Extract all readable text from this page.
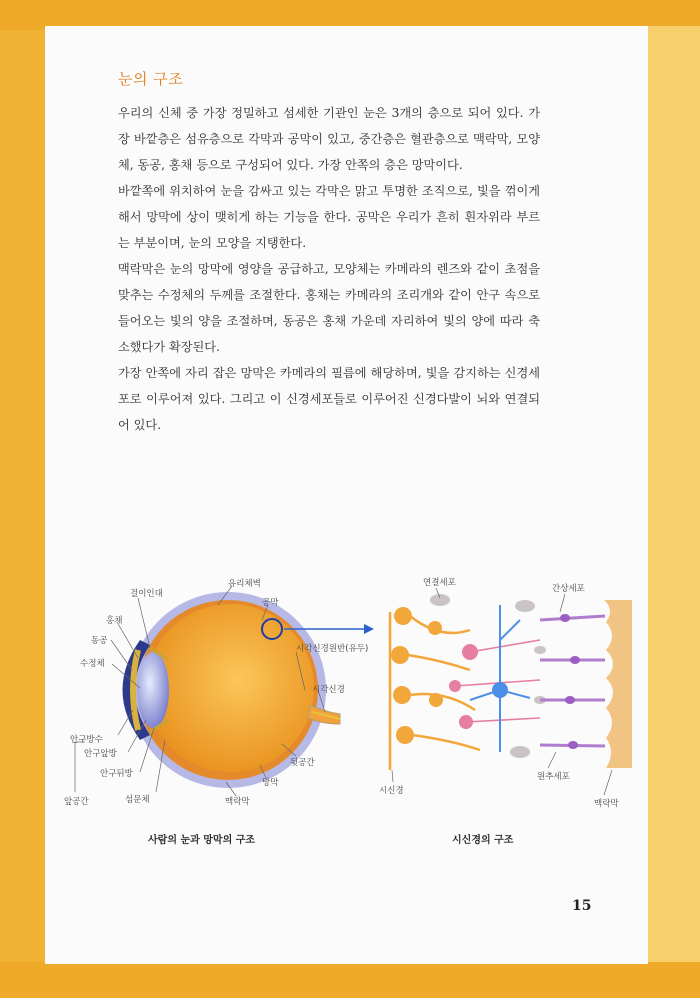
눈의 구조

우리의 신체 중 가장 정밀하고 섬세한 기관인 눈은 3개의 층으로 되어 있다. 가장 바깥층은 섬유층으로 각막과 공막이 있고, 중간층은 혈관층으로 맥락막, 모양체, 동공, 홍채 등으로 구성되어 있다. 가장 안쪽의 층은 망막이다.

바깥쪽에 위치하여 눈을 감싸고 있는 각막은 맑고 투명한 조직으로, 빛을 꺾이게 해서 망막에 상이 맺히게 하는 기능을 한다. 공막은 우리가 흔히 흰자위라 부르는 부분이며, 눈의 모양을 지탱한다.

맥락막은 눈의 망막에 영양을 공급하고, 모양체는 카메라의 렌즈와 같이 초점을 맞추는 수정체의 두께를 조절한다. 홍채는 카메라의 조리개와 같이 안구 속으로 들어오는 빛의 양을 조절하며, 동공은 홍채 가운데 자리하여 빛의 양에 따라 축소했다가 확장된다.

가장 안쪽에 자리 잡은 망막은 카메라의 필름에 해당하며, 빛을 감지하는 신경세포로 이루어져 있다. 그리고 이 신경세포들로 이루어진 신경다발이 뇌와 연결되어 있다.

걸이인대
유리체벽
공막
홍채
동공
수정체
시각신경원반(유두)
시각신경
안구방수
안구앞방
안구뒤방
앞공간	섬문체
뒷공간
망막
맥락막
사람의 눈과 망막의 구조
연결세포
간상세포
시신경
원추세포
맥락막
시신경의 구조
15
